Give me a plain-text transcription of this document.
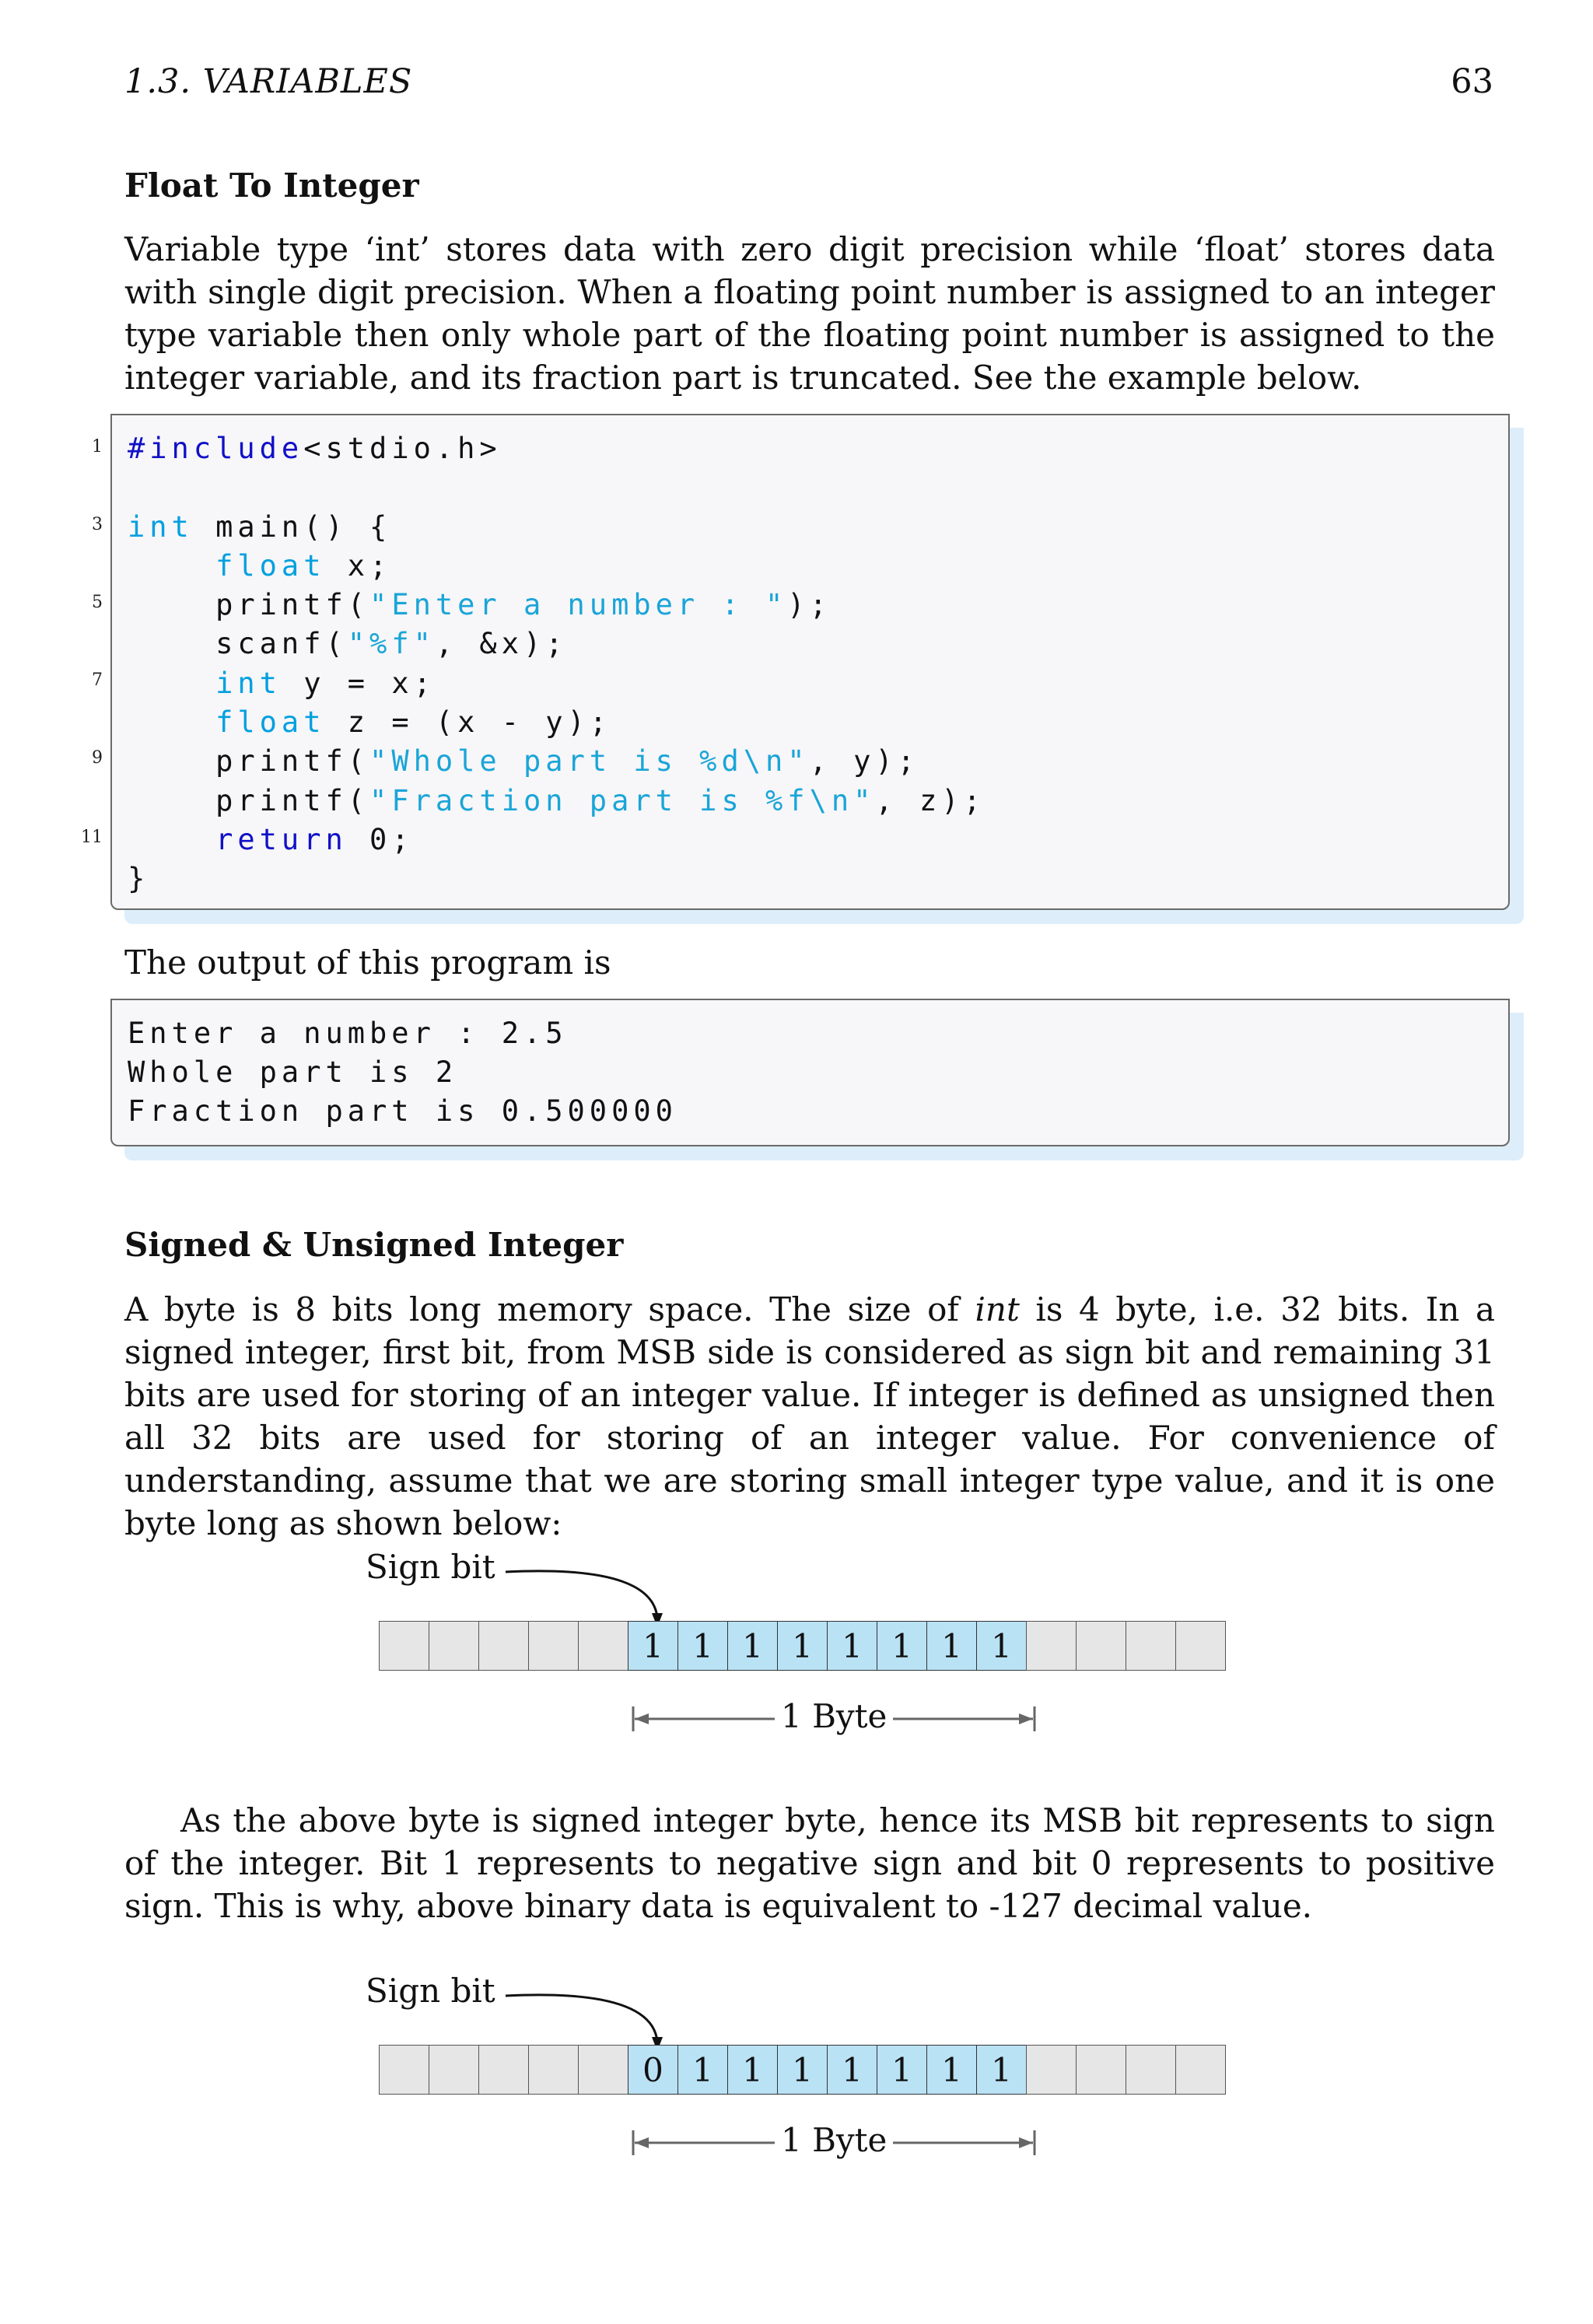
1.3. VARIABLES	63
Float To Integer
Variable type ‘int’ stores data with zero digit precision while ‘float’ stores data with single digit precision. When a floating point number is assigned to an integer type variable then only whole part of the floating point number is assigned to the integer variable, and its fraction part is truncated. See the example below.
1
3
5
7
9
11
#include<stdio.h>

int main() {
float x;
printf("Enter a number : ");
scanf("%f", &x);
int y = x;
float z = (x - y);
printf("Whole part is %d\n", y);
printf("Fraction part is %f\n", z);
return 0;
}
The output of this program is
Enter a number : 2.5
Whole part is 2
Fraction part is 0.500000
Signed & Unsigned Integer
A byte is 8 bits long memory space. The size of int is 4 byte, i.e. 32 bits. In a signed integer, first bit, from MSB side is considered as sign bit and remaining 31 bits are used for storing of an integer value. If integer is defined as unsigned then all 32 bits are used for storing of an integer value. For convenience of understanding, assume that we are storing small integer type value, and it is one byte long as shown below:
Sign bit
1 1 1 1 1 1 1 1
1 Byte
As the above byte is signed integer byte, hence its MSB bit represents to sign of the integer. Bit 1 represents to negative sign and bit 0 represents to positive sign. This is why, above binary data is equivalent to -127 decimal value.
Sign bit
0 1 1 1 1 1 1 1
1 Byte
